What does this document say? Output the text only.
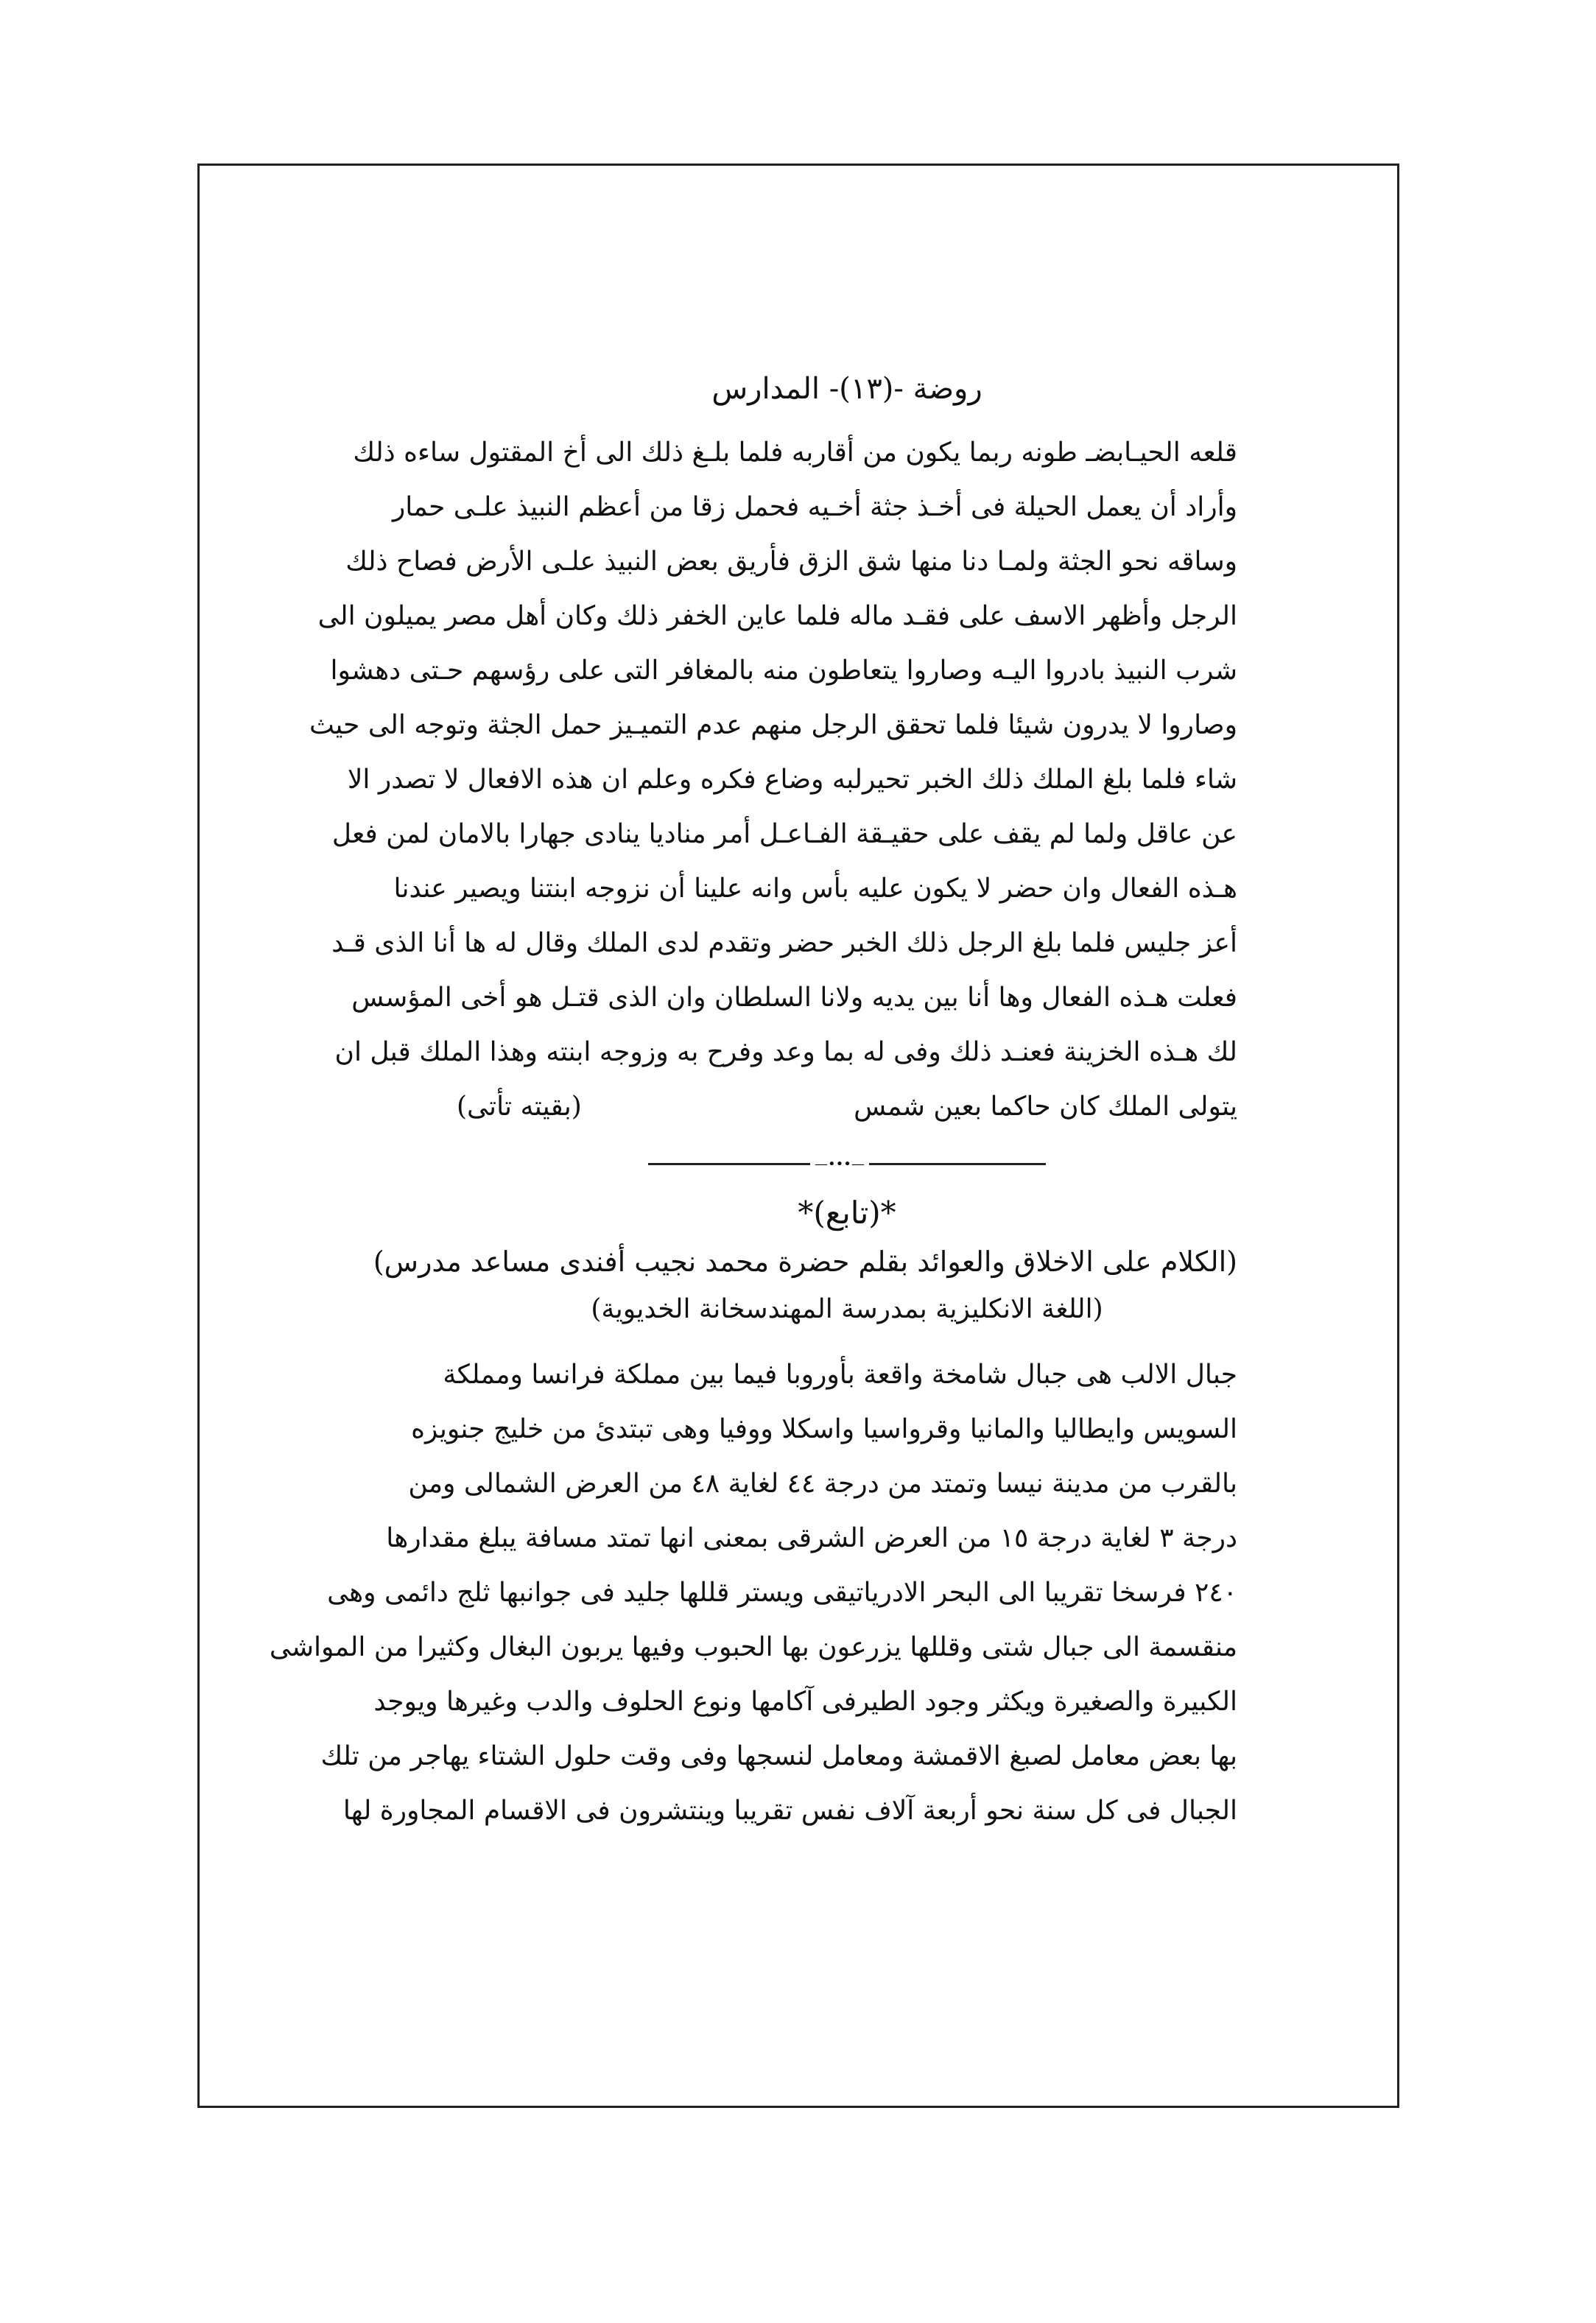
روضة -(١٣)- المدارس
قلعه الحيـابضـ طونه ربما يكون من أقاربه فلما بلـغ ذلك الى أخ المقتول ساءه ذلك
وأراد أن يعمل الحيلة فى أخـذ جثة أخـيه فحمل زقا من أعظم النبيذ علـى حمار
وساقه نحو الجثة ولمـا دنا منها شق الزق فأريق بعض النبيذ علـى الأرض فصاح ذلك
الرجل وأظهر الاسف على فقـد ماله فلما عاين الخفر ذلك وكان أهل مصر يميلون الى
شرب النبيذ بادروا اليـه وصاروا يتعاطون منه بالمغافر التى على رؤسهم حـتى دهشوا
وصاروا لا يدرون شيئا فلما تحقق الرجل منهم عدم التميـيز حمل الجثة وتوجه الى حيث
شاء فلما بلغ الملك ذلك الخبر تحيرلبه وضاع فكره وعلم ان هذه الافعال لا تصدر الا
عن عاقل ولما لم يقف على حقيـقة الفـاعـل أمر مناديا ينادى جهارا بالامان لمن فعل
هـذه الفعال وان حضر لا يكون عليه بأس وانه علينا أن نزوجه ابنتنا ويصير عندنا
أعز جليس فلما بلغ الرجل ذلك الخبر حضر وتقدم لدى الملك وقال له ها أنا الذى قـد
فعلت هـذه الفعال وها أنا بين يديه ولانا السلطان وان الذى قتـل هو أخى المؤسس
لك هـذه الخزينة فعنـد ذلك وفى له بما وعد وفرح به وزوجه ابنته وهذا الملك قبل ان
يتولى الملك كان حاكما بعين شمس
(بقيته تأتى)
—•••—
*(تابع)*
(الكلام على الاخلاق والعوائد بقلم حضرة محمد نجيب أفندى مساعد مدرس)
(اللغة الانكليزية بمدرسة المهندسخانة الخديوية)
جبال الالب هى جبال شامخة واقعة بأوروبا فيما بين مملكة فرانسا ومملكة
السويس وايطاليا والمانيا وقرواسيا واسكلا ووفيا وهى تبتدئ من خليج جنويزه
بالقرب من مدينة نيسا وتمتد من درجة ٤٤ لغاية ٤٨ من العرض الشمالى ومن
درجة ٣ لغاية درجة ١٥ من العرض الشرقى بمعنى انها تمتد مسافة يبلغ مقدارها
٢٤٠ فرسخا تقريبا الى البحر الادرياتيقى ويستر قللها جليد فى جوانبها ثلج دائمى وهى
منقسمة الى جبال شتى وقللها يزرعون بها الحبوب وفيها يربون البغال وكثيرا من المواشى
الكبيرة والصغيرة ويكثر وجود الطيرفى آكامها ونوع الحلوف والدب وغيرها ويوجد
بها بعض معامل لصبغ الاقمشة ومعامل لنسجها وفى وقت حلول الشتاء يهاجر من تلك
الجبال فى كل سنة نحو أربعة آلاف نفس تقريبا وينتشرون فى الاقسام المجاورة لها
